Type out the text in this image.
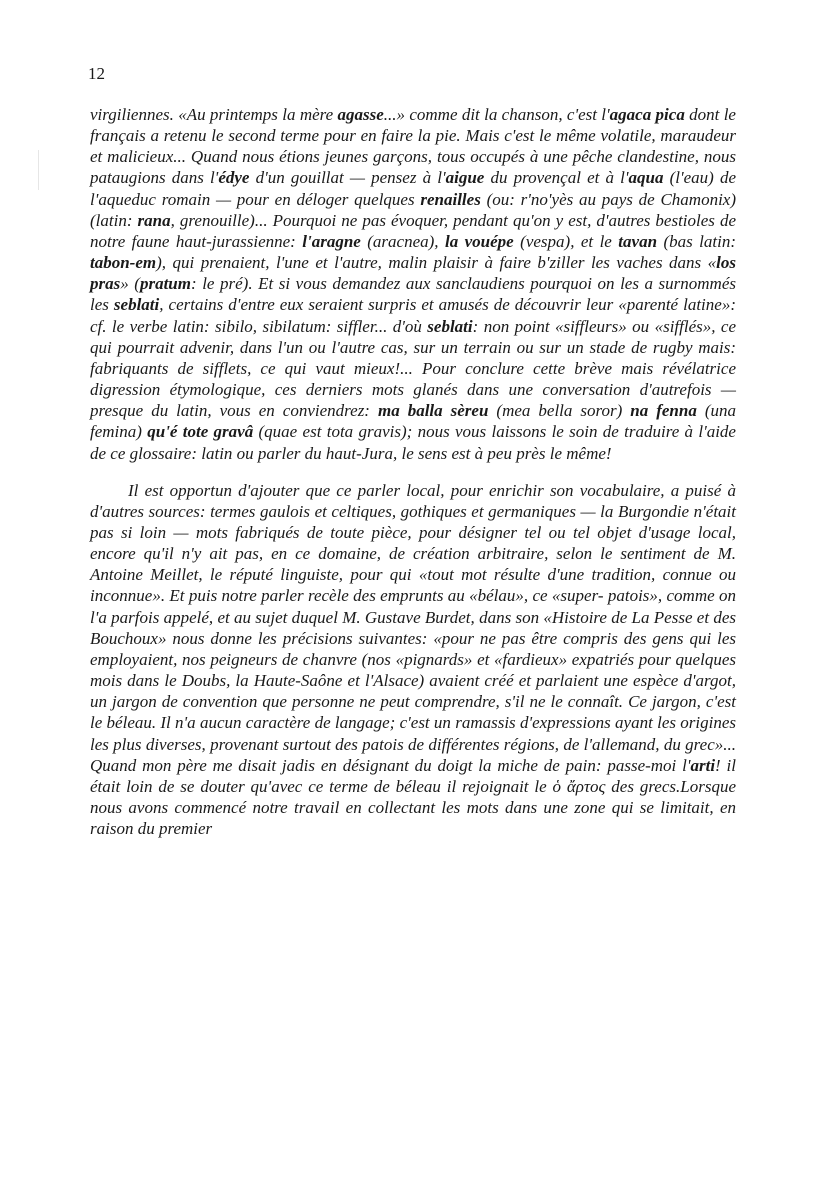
12

virgiliennes. «Au printemps la mère agasse...» comme dit la chanson, c'est l'agaca pica dont le français a retenu le second terme pour en faire la pie. Mais c'est le même volatile, maraudeur et malicieux... Quand nous étions jeunes garçons, tous occupés à une pêche clandestine, nous pataugions dans l'édye d'un gouillat — pensez à l'aigue du provençal et à l'aqua (l'eau) de l'aqueduc romain — pour en déloger quelques renailles (ou: r'no'yès au pays de Chamonix) (latin: rana, grenouille)... Pourquoi ne pas évoquer, pendant qu'on y est, d'autres bestioles de notre faune haut-jurassienne: l'aragne (aracnea), la vouépe (vespa), et le tavan (bas latin: tabon-em), qui prenaient, l'une et l'autre, malin plaisir à faire b'ziller les vaches dans «los pras» (pratum: le pré). Et si vous demandez aux sanclaudiens pourquoi on les a surnommés les seblati, certains d'entre eux seraient surpris et amusés de découvrir leur «parenté latine»: cf. le verbe latin: sibilo, sibilatum: siffler... d'où seblati: non point «siffleurs» ou «sifflés», ce qui pourrait advenir, dans l'un ou l'autre cas, sur un terrain ou sur un stade de rugby mais: fabriquants de sifflets, ce qui vaut mieux!... Pour conclure cette brève mais révélatrice digression étymologique, ces derniers mots glanés dans une conversation d'autrefois — presque du latin, vous en conviendrez: ma balla sèreu (mea bella soror) na fenna (una femina) qu'é tote gravâ (quae est tota gravis); nous vous laissons le soin de traduire à l'aide de ce glossaire: latin ou parler du haut-Jura, le sens est à peu près le même!

Il est opportun d'ajouter que ce parler local, pour enrichir son vocabulaire, a puisé à d'autres sources: termes gaulois et celtiques, gothiques et germaniques — la Burgondie n'était pas si loin — mots fabriqués de toute pièce, pour désigner tel ou tel objet d'usage local, encore qu'il n'y ait pas, en ce domaine, de création arbitraire, selon le sentiment de M. Antoine Meillet, le réputé linguiste, pour qui «tout mot résulte d'une tradition, connue ou inconnue». Et puis notre parler recèle des emprunts au «bélau», ce «super- patois», comme on l'a parfois appelé, et au sujet duquel M. Gustave Burdet, dans son «Histoire de La Pesse et des Bouchoux» nous donne les précisions suivantes: «pour ne pas être compris des gens qui les employaient, nos peigneurs de chanvre (nos «pignards» et «fardieux» expatriés pour quelques mois dans le Doubs, la Haute-Saône et l'Alsace) avaient créé et parlaient une espèce d'argot, un jargon de convention que personne ne peut comprendre, s'il ne le connaît. Ce jargon, c'est le béleau. Il n'a aucun caractère de langage; c'est un ramassis d'expressions ayant les origines les plus diverses, provenant surtout des patois de différentes régions, de l'allemand, du grec»... Quand mon père me disait jadis en désignant du doigt la miche de pain: passe-moi l'arti! il était loin de se douter qu'avec ce terme de béleau il rejoignait le ὁ ἄρτος des grecs.Lorsque nous avons commencé notre travail en collectant les mots dans une zone qui se limitait, en raison du premier
